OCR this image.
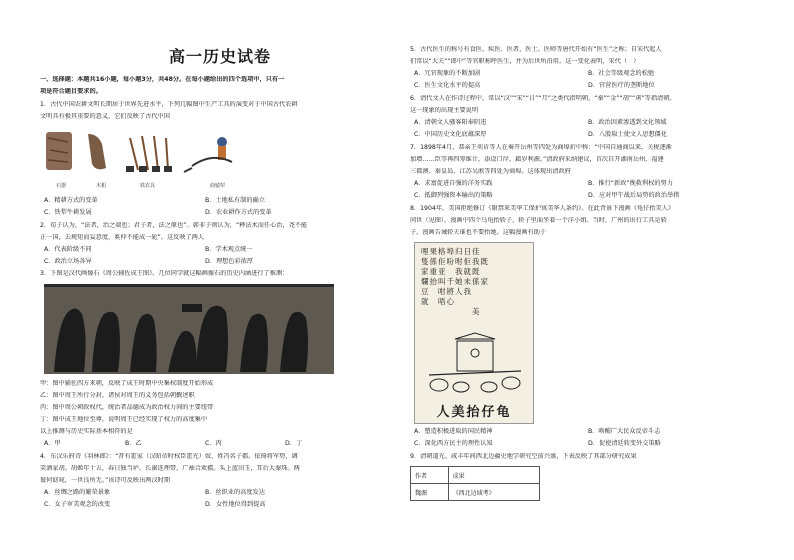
高一历史试卷
一、选择题：本题共16小题，每小题3分，共48分。在每小题给出的四个选项中，只有一
项是符合题目要求的。
1．古代中国农耕文明长期居于世界先进水平，下列几幅图中生产工具的演变对于中国古代农耕
文明具有极其重要的意义，它们反映了古代中国
石器	木耜	铁农具	曲辕犁
A．精耕方式的变革	B．土地私有制的确立
C．铁犁牛耕发展	D．农业耕作方式的变革
2．荀子认为，“法者，治之端也；君子者，法之原也”。韩非子则认为，“释法术而任心治，尧不能
正一国，去规矩而妄意度，奚仲不能成一轮”。这反映了两人
A．代表阶级不同	B．学术观点统一
C．政治立场各异	D．理想色彩浓厚
3．下图是汉代画像石《周公辅佐成王图》。几位同学就这幅画像石的历史内涵进行了推测：
甲：图中辅佐四方来朝，反映了成王时期中央集权制度开始形成
乙：图中周王所行分封，诸侯对周王的义务包括朝觐述职
丙：图中周公朝政权代，统治者品德成为政治权力间的主要纽带
丁：图中成王地位至尊，说明周王已经实现了权力的高度集中
以上推测与历史实际基本相符的是
A．甲	B．乙	C．丙	D．丁
4．东汉乐府诗《羽林郎》：“昔有霍家（汉昭帝时权臣霍光）奴，姓冯名子都。依倚将军势，调
笑酒家胡。胡姬年十五，春日独当垆。长裾连理带，广袖合欢襦。头上蓝田玉，耳后大秦珠。两
鬟何窈窕，一世良所无。”该诗可反映出两汉时期
A．丝绸之路的繁荣景象	B．丝织业的高度发达
C．女子审美观念的改变	D．女性地位得到提高
5．古代医生的称号有食医、疾医、医者、医士、医师等唐代开始有“医生”之称；自宋代起人
们常以“大夫”“郎中”等官职称呼医生，并为后世所沿用。这一变化表明，宋代（　）
A．冗官现象的不断加剧	B．社会等级观念的松弛
C．医生文化水平的提高	D．官营医疗的垄断地位
6．清代文人在作诗过程中，常以“汉”“宋”“日”“月”之类代指明朝，“秦”“金”“胡”“虏”等指清朝。
这一现象的出现主要说明
A．清朝文人骚客阳奉阴违	B．政治因素渗透到文化领域
C．中国历史文化底蕴深厚	D．八股取士使文人思想僵化
7．1898年4月，恭亲王奕䜣等人在奏开岳州等四处为商埠折中称：“中国自通商以来，关税逐渐
加增……臣等再四筹维计，添设口岸，籍岁利源。”清政府采纳建议，首次自开湖南岳州、福建
三都澳、秦皇岛、江苏吴淞等四处为商埠。这体现出清政府
A．求富促进自强的洋务实践	B．推行“新政”挽救利权的努力
C．抵御列强资本输出的策略	D．应对甲午战后局势的政治举措
8．1904年，美国拒绝修订《限禁来美华工保护寓美华人条约》。在此背景下漫画《龟仔抬美人》
问世（见图），漫画中四个乌龟抬轿子，轿子里面坐着一个洋小姐。当时，广州的出行工具是轿
子，漫画告诫轿夫谁也不要抬她。这幅漫画有助于
哩果格埠归日佳
隻係佢吩咐佢我既
家重亚　我就既
爛抬叫千她未係家
豆　咁將人我
就　唔心
　　　　　　美
人美抬仔龟
A．塑造积极进取的国民精神	B．唤醒广大民众反帝斗志
C．深化西方民主的理性认知	D．促使清廷转变外交策略
9．清朝道光、咸丰年间西北边疆史地学研究空前兴盛，下表反映了其部分研究成果
作者	成果
魏源	《西北边域考》
